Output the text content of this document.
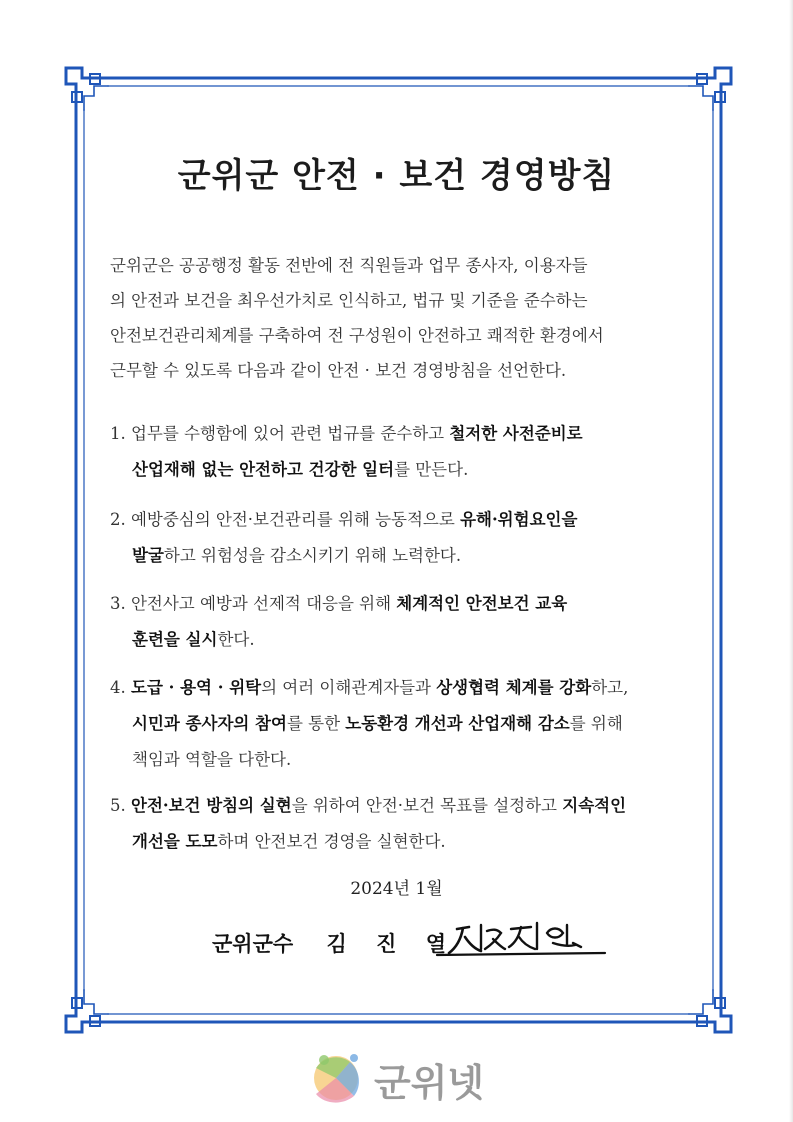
군위군 안전 · 보건 경영방침
군위군은 공공행정 활동 전반에 전 직원들과 업무 종사자, 이용자들
의 안전과 보건을 최우선가치로 인식하고, 법규 및 기준을 준수하는
안전보건관리체계를 구축하여 전 구성원이 안전하고 쾌적한 환경에서
근무할 수 있도록 다음과 같이 안전 · 보건 경영방침을 선언한다.
1. 업무를 수행함에 있어 관련 법규를 준수하고 철저한 사전준비로
산업재해 없는 안전하고 건강한 일터를 만든다.
2. 예방중심의 안전·보건관리를 위해 능동적으로 유해·위험요인을
발굴하고 위험성을 감소시키기 위해 노력한다.
3. 안전사고 예방과 선제적 대응을 위해 체계적인 안전보건 교육
훈련을 실시한다.
4. 도급 · 용역 · 위탁의 여러 이해관계자들과 상생협력 체계를 강화하고,
시민과 종사자의 참여를 통한 노동환경 개선과 산업재해 감소를 위해
책임과 역할을 다한다.
5. 안전·보건 방침의 실현을 위하여 안전·보건 목표를 설정하고 지속적인
개선을 도모하며 안전보건 경영을 실현한다.
2024년 1월
군위군수 김 진 열
군위넷
